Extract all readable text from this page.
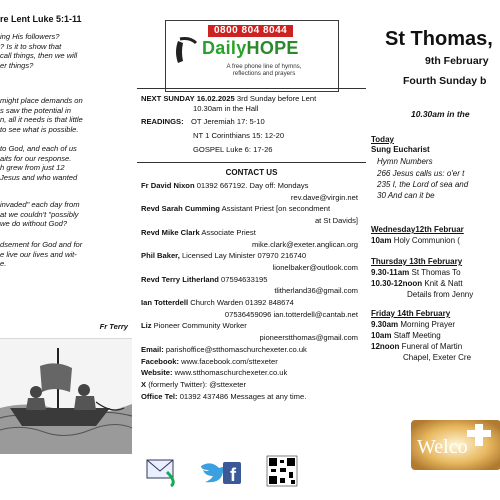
re Lent Luke 5:1-11

ing His followers?
? Is it to show that
call things, then we will
er things?

might place demands on
s saw the potential in
n, all it needs is that little
to see what is possible.

to God, and each of us
aits for our response.
h grew from just 12
Jesus and who wanted

invaded" each day from
at we couldn't "possibly
we do without God?

dsement for God and for
e live our lives and wit-
e.

Fr Terry
0800 804 8044
DailyHOPE
A free phone line of hymns,
reflections and prayers
NEXT SUNDAY 16.02.2025 3rd Sunday before Lent
10.30am in the Hall
READINGS: OT Jeremiah 17: 5-10
NT 1 Corinthians 15: 12-20
GOSPEL Luke 6: 17-26
CONTACT US
Fr David Nixon 01392 667192. Day off: Mondays
rev.dave@virgin.net
Revd Sarah Cumming Assistant Priest [on secondment
at St Davids]
Revd Mike Clark Associate Priest
mike.clark@exeter.anglican.org
Phil Baker, Licensed Lay Minister 07970 216740
lionelbaker@outlook.com
Revd Terry Litherland 07594633195
tlitherland36@gmail.com
Ian Totterdell Church Warden 01392 848674
07536459096 ian.totterdell@cantab.net
Liz Pioneer Community Worker
pioneerstthomas@gmail.com
Email: parishoffice@stthomaschurchexeter.co.uk
Facebook: www.facebook.com/sttexeter
Website: www.stthomaschurchexeter.co.uk
X (formerly Twitter): @sttexeter
Office Tel: 01392 437486 Messages at any time.
f
St Thomas,
9th February
Fourth Sunday b
10.30am in the
Today
Sung Eucharist
Hymn Numbers
266 Jesus calls us: o'er t
235 I, the Lord of sea and
30 And can it be
Wednesday12th Februar
10am Holy Communion (
Thursday 13th February
9.30-11am St Thomas To
10.30-12noon Knit & Natt
Details from Jenny
Friday 14th February
9.30am Morning Prayer
10am Staff Meeting
12noon Funeral of Martin
Chapel, Exeter Cre
Welco
